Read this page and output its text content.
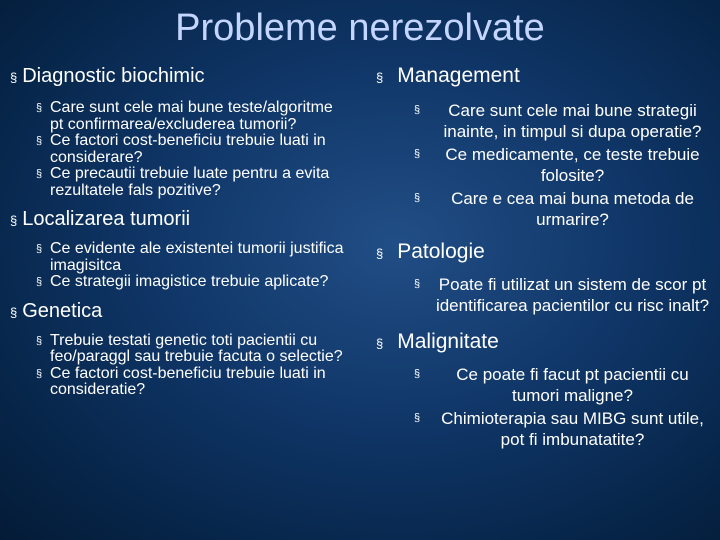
Probleme nerezolvate
§ Diagnostic biochimic
§ Care sunt cele mai bune teste/algoritme pt confirmarea/excluderea tumorii?
§ Ce factori cost-beneficiu trebuie luati in considerare?
§ Ce precautii trebuie luate pentru a evita rezultatele fals pozitive?
§ Localizarea tumorii
§ Ce evidente ale existentei tumorii justifica imagisitca
§ Ce strategii imagistice trebuie aplicate?
§ Genetica
§ Trebuie testati genetic toti pacientii cu feo/paraggl sau trebuie facuta o selectie?
§ Ce factori cost-beneficiu trebuie luati in consideratie?
§ Management
§	Care sunt cele mai bune strategii inainte, in timpul si dupa operatie?
§	Ce medicamente, ce teste trebuie folosite?
§	Care e cea mai buna metoda de urmarire?
§ Patologie
§	Poate fi utilizat un sistem de scor pt identificarea pacientilor cu risc inalt?
§ Malignitate
§	Ce poate fi facut pt pacientii cu tumori maligne?
§	Chimioterapia sau MIBG sunt utile, pot fi imbunatatite?
